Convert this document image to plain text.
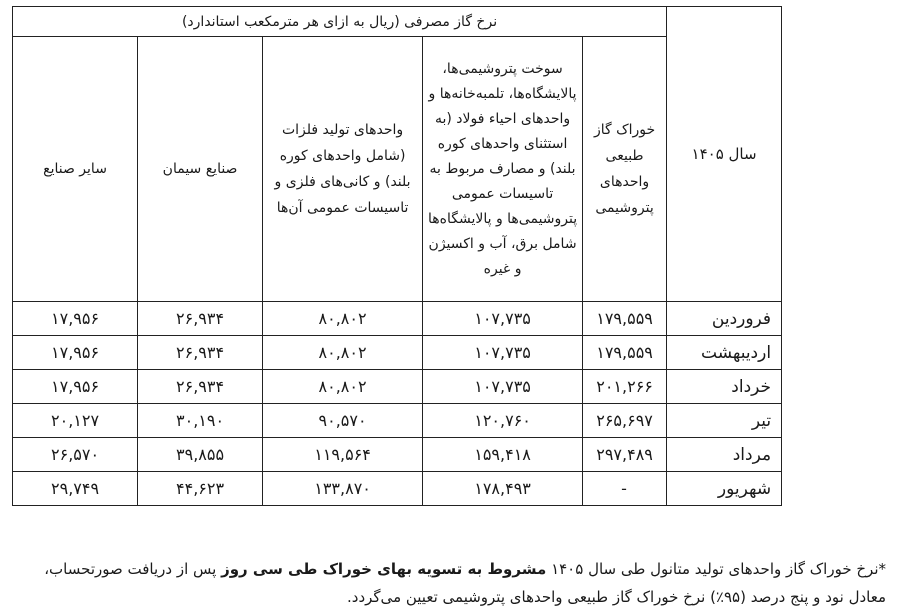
سال ۱۴۰۵	نرخ گاز مصرفی (ریال به ازای هر مترمکعب استاندارد)				
	خوراک گاز طبیعی واحدهای پتروشیمی	سوخت پتروشیمی‌ها، پالایشگاه‌ها، تلمبه‌خانه‌ها و واحدهای احیاء فولاد (به استثنای واحدهای کوره بلند) و مصارف مربوط به تاسیسات عمومی پتروشیمی‌ها و پالایشگاه‌ها شامل برق، آب و اکسیژن و غیره	واحدهای تولید فلزات (شامل واحدهای کوره بلند) و کانی‌های فلزی و تاسیسات عمومی آن‌ها	صنایع سیمان	سایر صنایع
فروردین	۱۷۹,۵۵۹	۱۰۷,۷۳۵	۸۰,۸۰۲	۲۶,۹۳۴	۱۷,۹۵۶
اردیبهشت	۱۷۹,۵۵۹	۱۰۷,۷۳۵	۸۰,۸۰۲	۲۶,۹۳۴	۱۷,۹۵۶
خرداد	۲۰۱,۲۶۶	۱۰۷,۷۳۵	۸۰,۸۰۲	۲۶,۹۳۴	۱۷,۹۵۶
تیر	۲۶۵,۶۹۷	۱۲۰,۷۶۰	۹۰,۵۷۰	۳۰,۱۹۰	۲۰,۱۲۷
مرداد	۲۹۷,۴۸۹	۱۵۹,۴۱۸	۱۱۹,۵۶۴	۳۹,۸۵۵	۲۶,۵۷۰
شهریور	-	۱۷۸,۴۹۳	۱۳۳,۸۷۰	۴۴,۶۲۳	۲۹,۷۴۹

*نرخ خوراک گاز واحدهای تولید متانول طی سال ۱۴۰۵ مشروط به تسویه بهای خوراک طی سی روز پس از دریافت صورتحساب، معادل نود و پنج درصد (۹۵٪) نرخ خوراک گاز طبیعی واحدهای پتروشیمی تعیین می‌گردد.
